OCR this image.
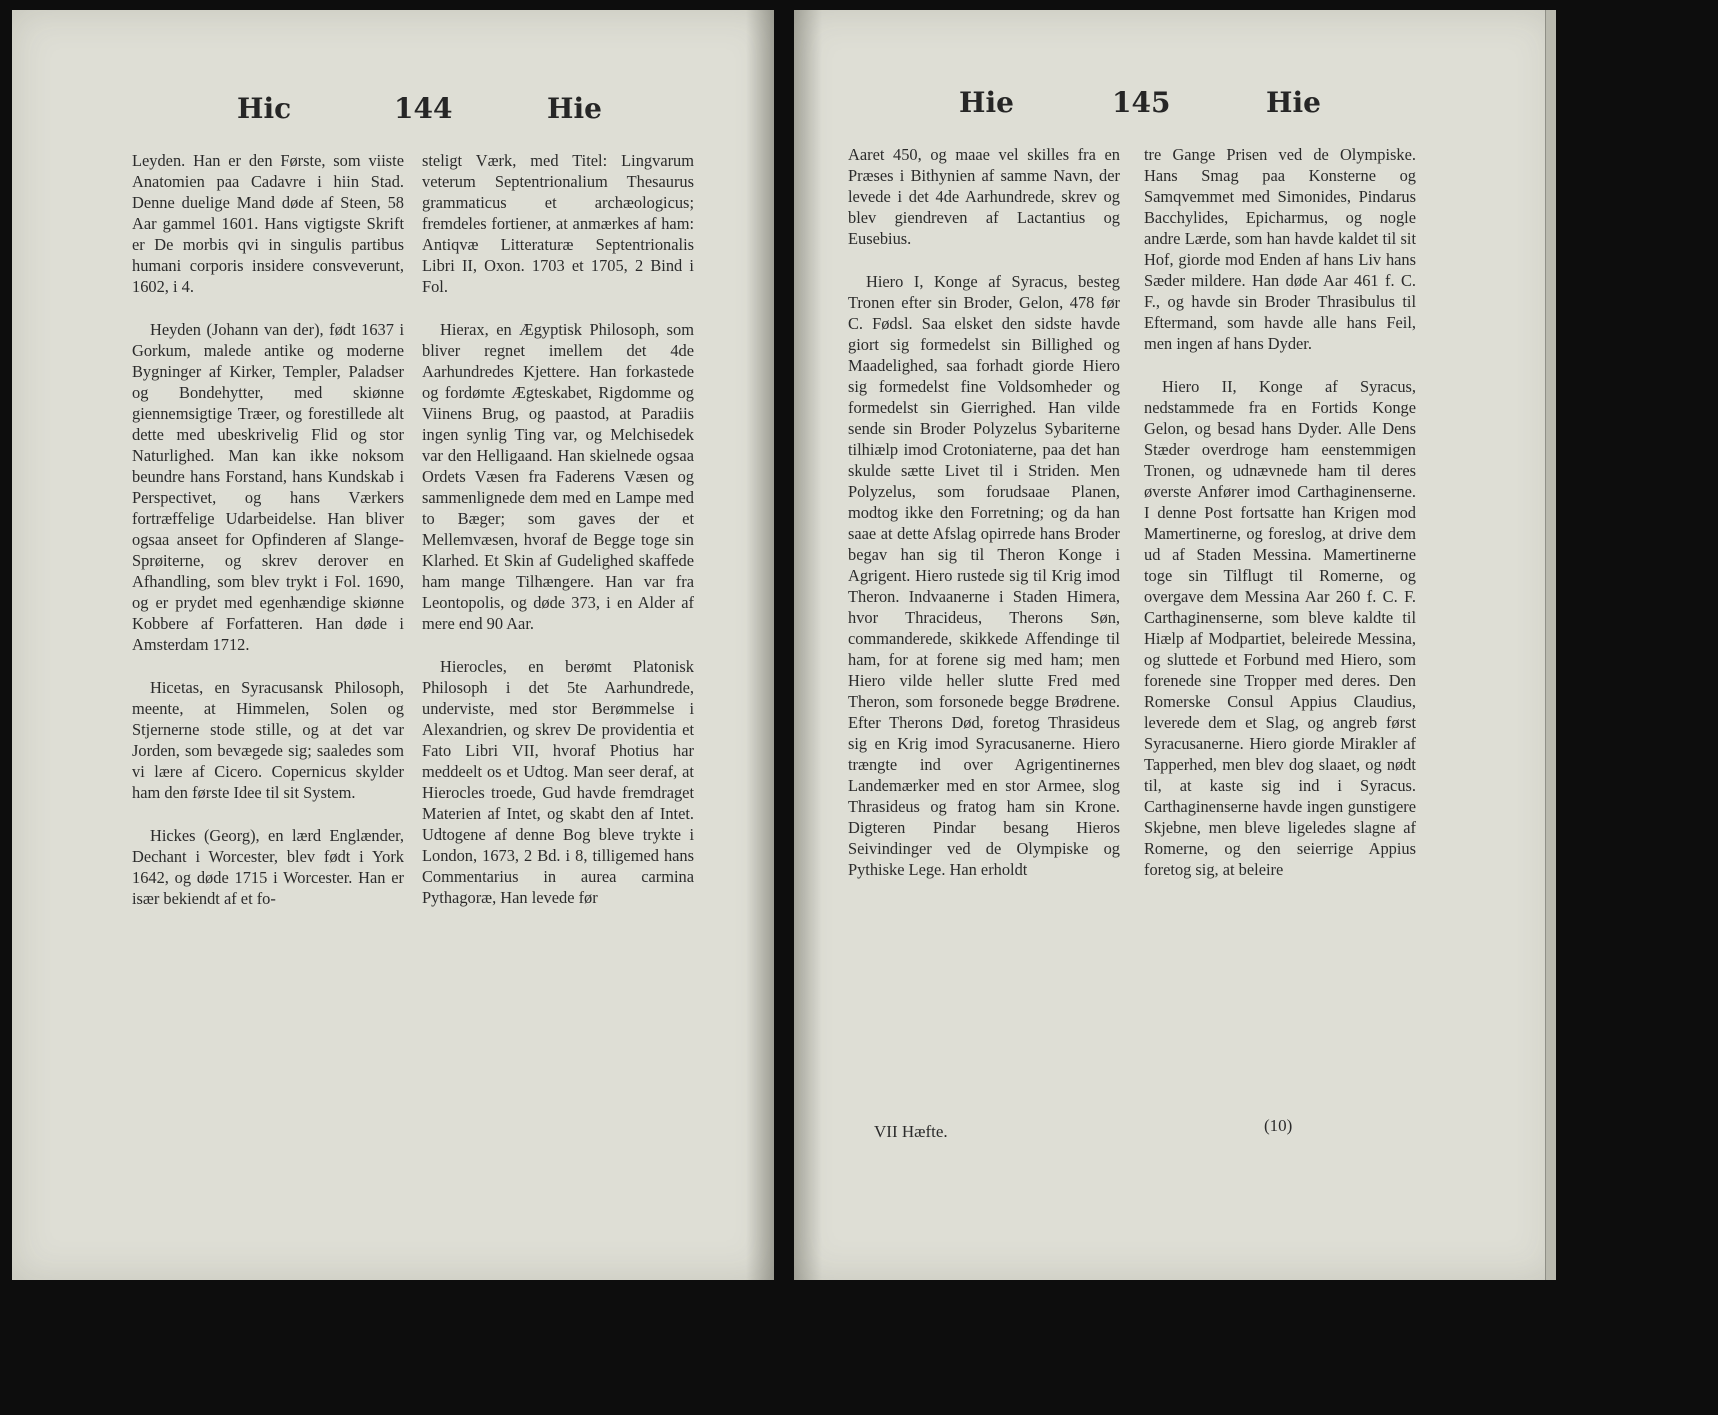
Hic	144	Hie

Leyden. Han er den Første, som viiste Anatomien paa Cadavre i hiin Stad. Denne duelige Mand døde af Steen, 58 Aar gammel 1601. Hans vigtigste Skrift er De morbis qvi in singulis partibus humani corporis insidere consveverunt, 1602, i 4.

Heyden (Johann van der), født 1637 i Gorkum, malede antike og moderne Bygninger af Kirker, Templer, Paladser og Bondehytter, med skiønne giennemsigtige Træer, og forestillede alt dette med ubeskrivelig Flid og stor Naturlighed. Man kan ikke noksom beundre hans Forstand, hans Kundskab i Perspectivet, og hans Værkers fortræffelige Udarbeidelse. Han bliver ogsaa anseet for Opfinderen af Slange-Sprøiterne, og skrev derover en Afhandling, som blev trykt i Fol. 1690, og er prydet med egenhændige skiønne Kobbere af Forfatteren. Han døde i Amsterdam 1712.

Hicetas, en Syracusansk Philosoph, meente, at Himmelen, Solen og Stjernerne stode stille, og at det var Jorden, som bevægede sig; saaledes som vi lære af Cicero. Copernicus skylder ham den første Idee til sit System.

Hickes (Georg), en lærd Englænder, Dechant i Worcester, blev født i York 1642, og døde 1715 i Worcester. Han er især bekiendt af et fo-

steligt Værk, med Titel: Lingvarum veterum Septentrionalium Thesaurus grammaticus et archæologicus; fremdeles fortiener, at anmærkes af ham: Antiqvæ Litteraturæ Septentrionalis Libri II, Oxon. 1703 et 1705, 2 Bind i Fol.

Hierax, en Ægyptisk Philosoph, som bliver regnet imellem det 4de Aarhundredes Kjettere. Han forkastede og fordømte Ægteskabet, Rigdomme og Viinens Brug, og paastod, at Paradiis ingen synlig Ting var, og Melchisedek var den Helligaand. Han skielnede ogsaa Ordets Væsen fra Faderens Væsen og sammenlignede dem med en Lampe med to Bæger; som gaves der et Mellemvæsen, hvoraf de Begge toge sin Klarhed. Et Skin af Gudelighed skaffede ham mange Tilhængere. Han var fra Leontopolis, og døde 373, i en Alder af mere end 90 Aar.

Hierocles, en berømt Platonisk Philosoph i det 5te Aarhundrede, underviste, med stor Berømmelse i Alexandrien, og skrev De providentia et Fato Libri VII, hvoraf Photius har meddeelt os et Udtog. Man seer deraf, at Hierocles troede, Gud havde fremdraget Materien af Intet, og skabt den af Intet. Udtogene af denne Bog bleve trykte i London, 1673, 2 Bd. i 8, tilligemed hans Commentarius in aurea carmina Pythagoræ, Han levede før

Hie	145	Hie

Aaret 450, og maae vel skilles fra en Præses i Bithynien af samme Navn, der levede i det 4de Aarhundrede, skrev og blev giendreven af Lactantius og Eusebius.

Hiero I, Konge af Syracus, besteg Tronen efter sin Broder, Gelon, 478 før C. Fødsl. Saa elsket den sidste havde giort sig formedelst sin Billighed og Maadelighed, saa forhadt giorde Hiero sig formedelst fine Voldsomheder og formedelst sin Gierrighed. Han vilde sende sin Broder Polyzelus Sybariterne tilhiælp imod Crotoniaterne, paa det han skulde sætte Livet til i Striden. Men Polyzelus, som forudsaae Planen, modtog ikke den Forretning; og da han saae at dette Afslag opirrede hans Broder begav han sig til Theron Konge i Agrigent. Hiero rustede sig til Krig imod Theron. Indvaanerne i Staden Himera, hvor Thracideus, Therons Søn, commanderede, skikkede Affendinge til ham, for at forene sig med ham; men Hiero vilde heller slutte Fred med Theron, som forsonede begge Brødrene. Efter Therons Død, foretog Thrasideus sig en Krig imod Syracusanerne. Hiero trængte ind over Agrigentinernes Landemærker med en stor Armee, slog Thrasideus og fratog ham sin Krone. Digteren Pindar besang Hieros Seivindinger ved de Olympiske og Pythiske Lege. Han erholdt

tre Gange Prisen ved de Olympiske. Hans Smag paa Konsterne og Samqvemmet med Simonides, Pindarus Bacchylides, Epicharmus, og nogle andre Lærde, som han havde kaldet til sit Hof, giorde mod Enden af hans Liv hans Sæder mildere. Han døde Aar 461 f. C. F., og havde sin Broder Thrasibulus til Eftermand, som havde alle hans Feil, men ingen af hans Dyder.

Hiero II, Konge af Syracus, nedstammede fra en Fortids Konge Gelon, og besad hans Dyder. Alle Dens Stæder overdroge ham eenstemmigen Tronen, og udnævnede ham til deres øverste Anfører imod Carthaginenserne. I denne Post fortsatte han Krigen mod Mamertinerne, og foreslog, at drive dem ud af Staden Messina. Mamertinerne toge sin Tilflugt til Romerne, og overgave dem Messina Aar 260 f. C. F. Carthaginenserne, som bleve kaldte til Hiælp af Modpartiet, beleirede Messina, og sluttede et Forbund med Hiero, som forenede sine Tropper med deres. Den Romerske Consul Appius Claudius, leverede dem et Slag, og angreb først Syracusanerne. Hiero giorde Mirakler af Tapperhed, men blev dog slaaet, og nødt til, at kaste sig ind i Syracus. Carthaginenserne havde ingen gunstigere Skjebne, men bleve ligeledes slagne af Romerne, og den seierrige Appius foretog sig, at beleire

VII Hæfte.	(10)
